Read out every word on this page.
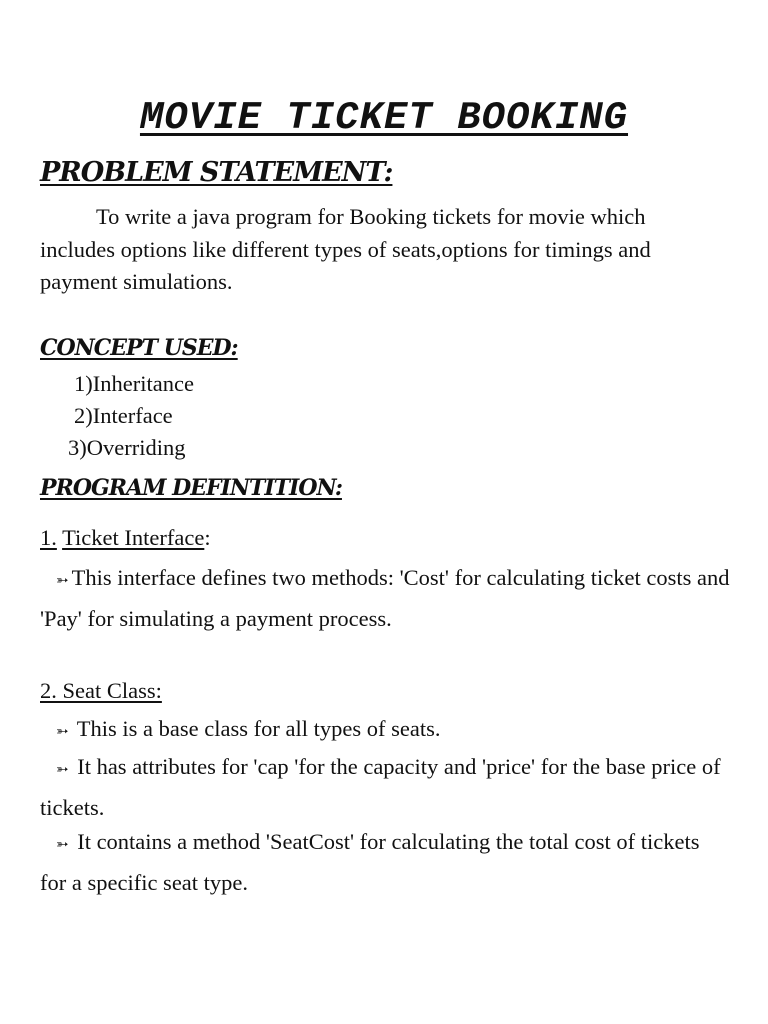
MOVIE TICKET BOOKING
PROBLEM STATEMENT:

To write a java program for Booking tickets for movie which includes options like different types of seats,options for timings and payment simulations.

CONCEPT USED:
1)Inheritance
2)Interface
3)Overriding
PROGRAM DEFINTITION:

1. Ticket Interface:

➳ This interface defines two methods: 'Cost' for calculating ticket costs and 'Pay' for simulating a payment process.

2. Seat Class:

➳ This is a base class for all types of seats.

➳ It has attributes for 'cap 'for the capacity and 'price' for the base price of tickets.

➳ It contains a method 'SeatCost' for calculating the total cost of tickets for a specific seat type.
